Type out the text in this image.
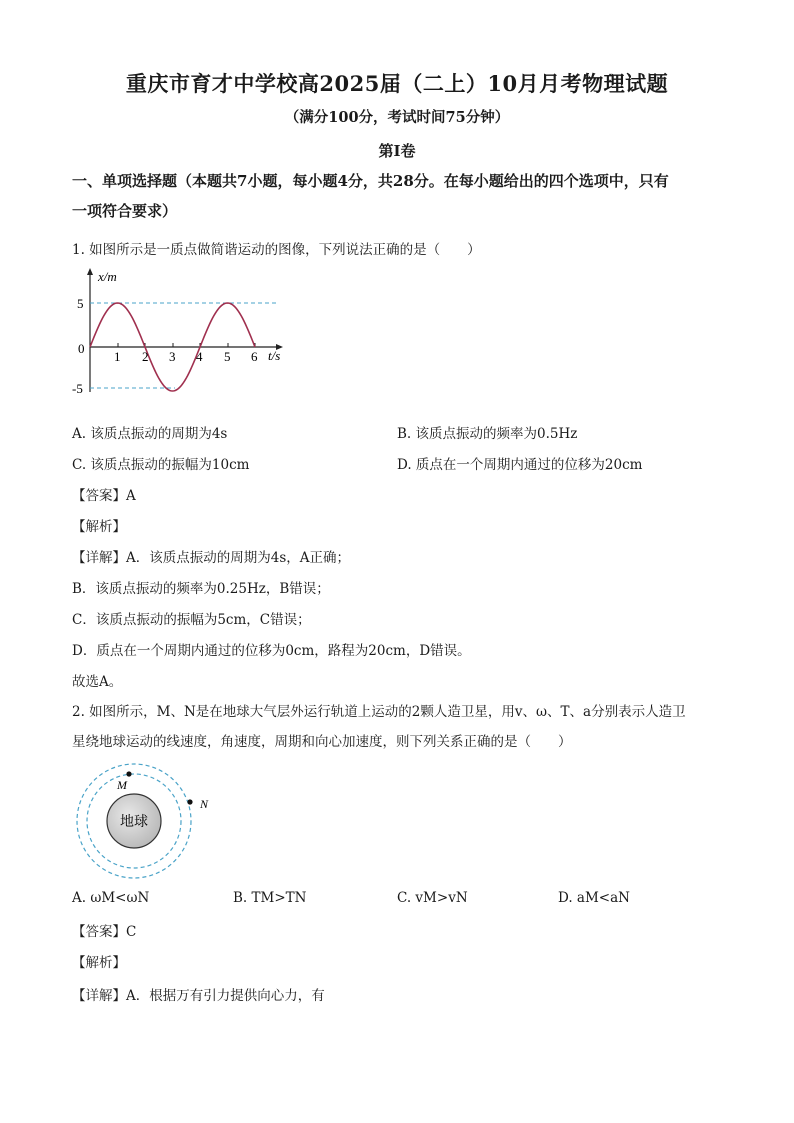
重庆市育才中学校高2025届（二上）10月月考物理试题
（满分100分，考试时间75分钟）
第Ⅰ卷
一、单项选择题（本题共7小题，每小题4分，共28分。在每小题给出的四个选项中，只有
一项符合要求）
1. 如图所示是一质点做简谐运动的图像，下列说法正确的是（　　）
x/m
5
0
-5
1 2 3 4 5 6 t/s
A. 该质点振动的周期为4s	B. 该质点振动的频率为0.5Hz
C. 该质点振动的振幅为10cm	D. 质点在一个周期内通过的位移为20cm
【答案】A
【解析】
【详解】A．该质点振动的周期为4s，A正确；
B．该质点振动的频率为0.25Hz，B错误；
C．该质点振动的振幅为5cm，C错误；
D．质点在一个周期内通过的位移为0cm，路程为20cm，D错误。
故选A。
2. 如图所示，M、N是在地球大气层外运行轨道上运动的2颗人造卫星，用v、ω、T、a分别表示人造卫
星绕地球运动的线速度，角速度，周期和向心加速度，则下列关系正确的是（　　）
地球
M
N
A. ωM<ωN	B. TM>TN	C. vM>vN	D. aM<aN
【答案】C
【解析】
【详解】A．根据万有引力提供向心力，有
